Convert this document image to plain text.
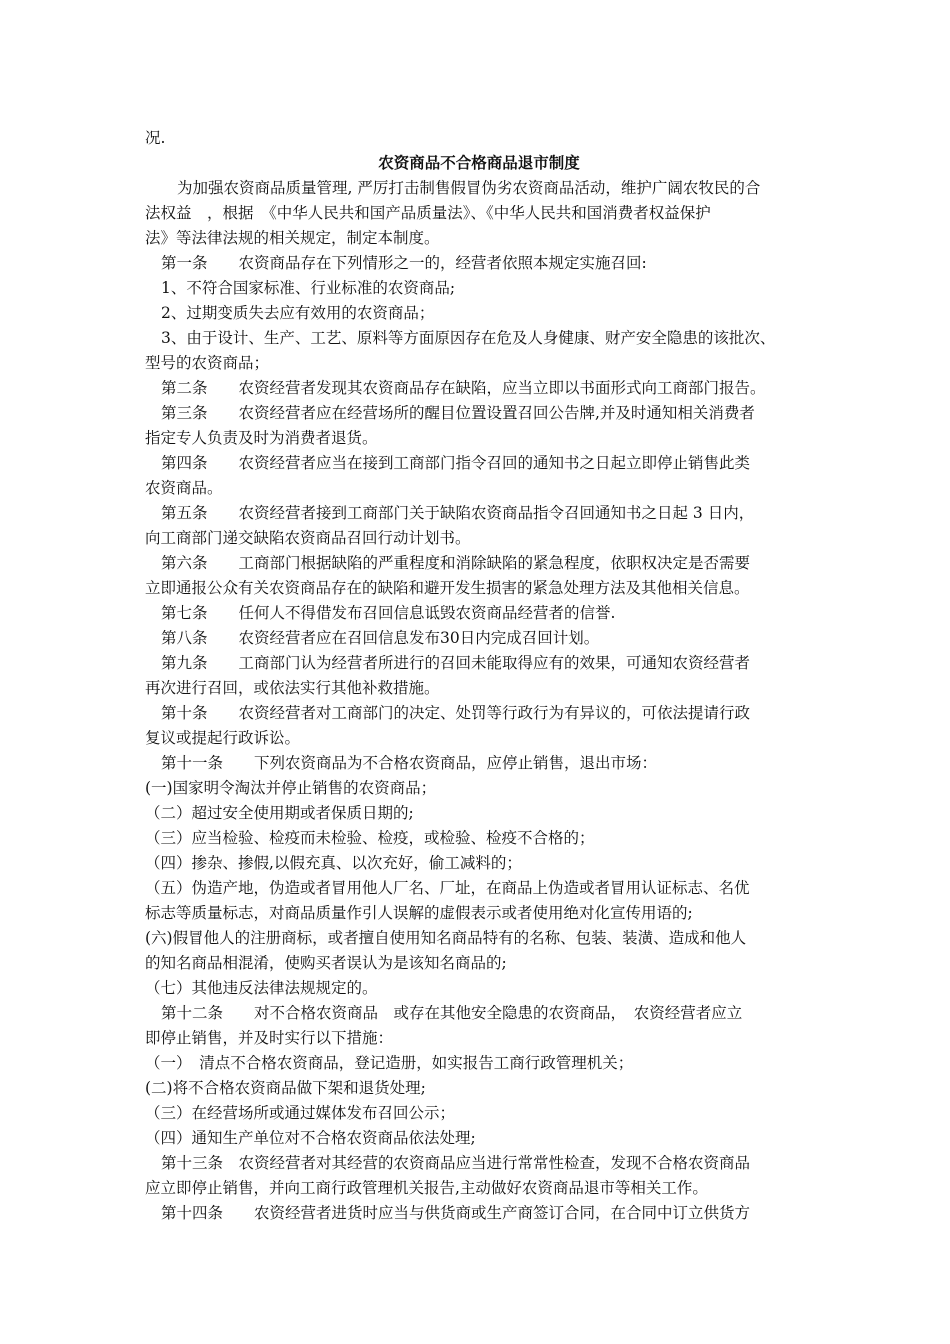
况.
农资商品不合格商品退市制度
为加强农资商品质量管理, 严厉打击制售假冒伪劣农资商品活动，维护广阔农牧民的合
法权益　，根据　《中华人民共和国产品质量法》、《中华人民共和国消费者权益保护
法》等法律法规的相关规定，制定本制度。
第一条　　农资商品存在下列情形之一的，经营者依照本规定实施召回:
1、不符合国家标准、行业标准的农资商品;
2、过期变质失去应有效用的农资商品；
3、由于设计、生产、工艺、原料等方面原因存在危及人身健康、财产安全隐患的该批次、
型号的农资商品；
第二条　　农资经营者发现其农资商品存在缺陷，应当立即以书面形式向工商部门报告。
第三条　　农资经营者应在经营场所的醒目位置设置召回公告牌,并及时通知相关消费者
指定专人负责及时为消费者退货。
第四条　　农资经营者应当在接到工商部门指令召回的通知书之日起立即停止销售此类
农资商品。
第五条　　农资经营者接到工商部门关于缺陷农资商品指令召回通知书之日起 3 日内，
向工商部门递交缺陷农资商品召回行动计划书。
第六条　　工商部门根据缺陷的严重程度和消除缺陷的紧急程度，依职权决定是否需要
立即通报公众有关农资商品存在的缺陷和避开发生损害的紧急处理方法及其他相关信息。
第七条　　任何人不得借发布召回信息诋毁农资商品经营者的信誉.
第八条　　农资经营者应在召回信息发布30日内完成召回计划。
第九条　　工商部门认为经营者所进行的召回未能取得应有的效果，可通知农资经营者
再次进行召回，或依法实行其他补救措施。
第十条　　农资经营者对工商部门的决定、处罚等行政行为有异议的，可依法提请行政
复议或提起行政诉讼。
第十一条　　下列农资商品为不合格农资商品，应停止销售，退出市场：
(一)国家明令淘汰并停止销售的农资商品；
（二）超过安全使用期或者保质日期的;
（三）应当检验、检疫而未检验、检疫，或检验、检疫不合格的；
（四）掺杂、掺假,以假充真、以次充好，偷工减料的；
（五）伪造产地，伪造或者冒用他人厂名、厂址，在商品上伪造或者冒用认证标志、名优
标志等质量标志，对商品质量作引人误解的虚假表示或者使用绝对化宣传用语的;
(六)假冒他人的注册商标，或者擅自使用知名商品特有的名称、包装、装潢、造成和他人
的知名商品相混淆，使购买者误认为是该知名商品的;
（七）其他违反法律法规规定的。
第十二条　　对不合格农资商品　或存在其他安全隐患的农资商品，　农资经营者应立
即停止销售，并及时实行以下措施：
（一）　清点不合格农资商品，登记造册，如实报告工商行政管理机关；
(二)将不合格农资商品做下架和退货处理;
（三）在经营场所或通过媒体发布召回公示；
（四）通知生产单位对不合格农资商品依法处理;
第十三条　农资经营者对其经营的农资商品应当进行常常性检查，发现不合格农资商品
应立即停止销售，并向工商行政管理机关报告,主动做好农资商品退市等相关工作。
第十四条　　农资经营者进货时应当与供货商或生产商签订合同，在合同中订立供货方
